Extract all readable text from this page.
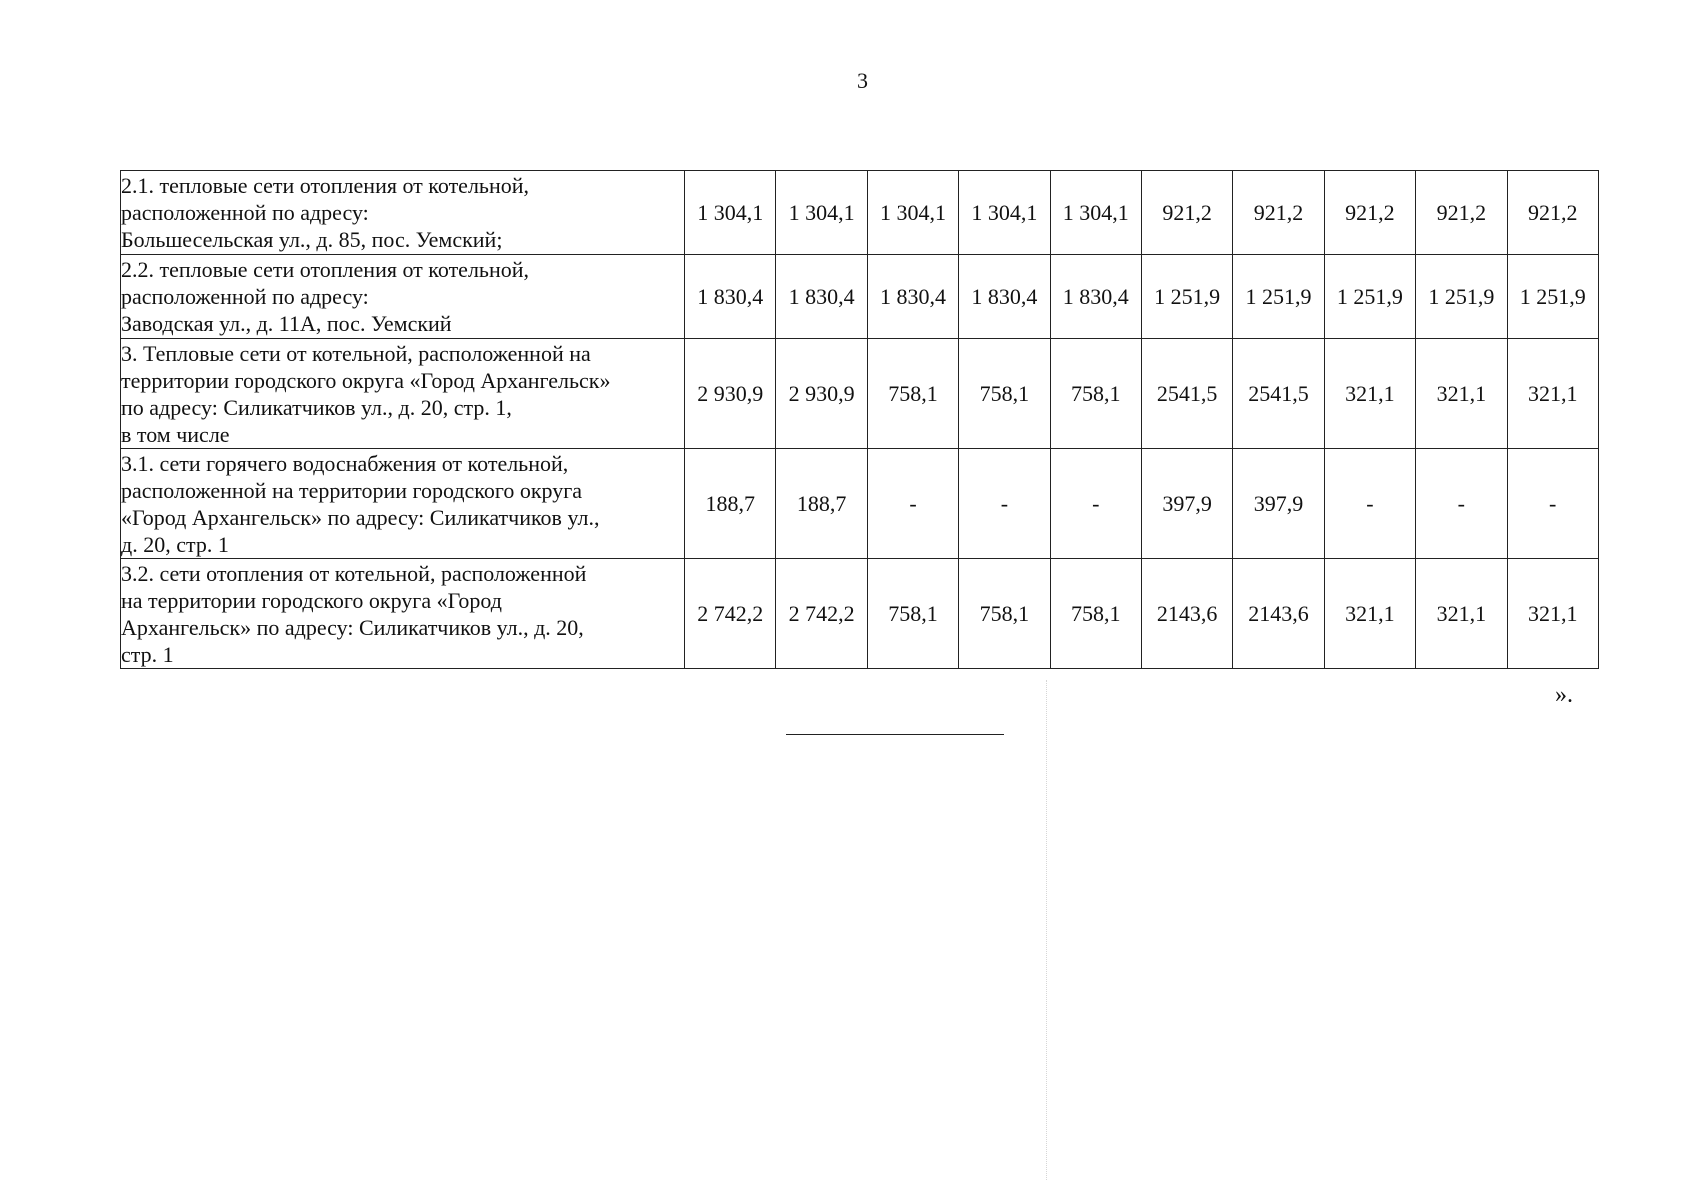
3
2.1. тепловые сети отопления от котельной,
расположенной по адресу:
Большесельская ул., д. 85, пос. Уемский;	1 304,1	1 304,1	1 304,1	1 304,1	1 304,1	921,2	921,2	921,2	921,2	921,2

2.2. тепловые сети отопления от котельной,
расположенной по адресу:
Заводская ул., д. 11А, пос. Уемский	1 830,4	1 830,4	1 830,4	1 830,4	1 830,4	1 251,9	1 251,9	1 251,9	1 251,9	1 251,9

3. Тепловые сети от котельной, расположенной на
территории городского округа «Город Архангельск»
по адресу: Силикатчиков ул., д. 20, стр. 1,
в том числе	2 930,9	2 930,9	758,1	758,1	758,1	2541,5	2541,5	321,1	321,1	321,1

3.1. сети горячего водоснабжения от котельной,
расположенной на территории городского округа
«Город Архангельск» по адресу: Силикатчиков ул.,
д. 20, стр. 1	188,7	188,7	-	-	-	397,9	397,9	-	-	-

3.2. сети отопления от котельной, расположенной
на территории городского округа «Город
Архангельск» по адресу: Силикатчиков ул., д. 20,
стр. 1	2 742,2	2 742,2	758,1	758,1	758,1	2143,6	2143,6	321,1	321,1	321,1
».
